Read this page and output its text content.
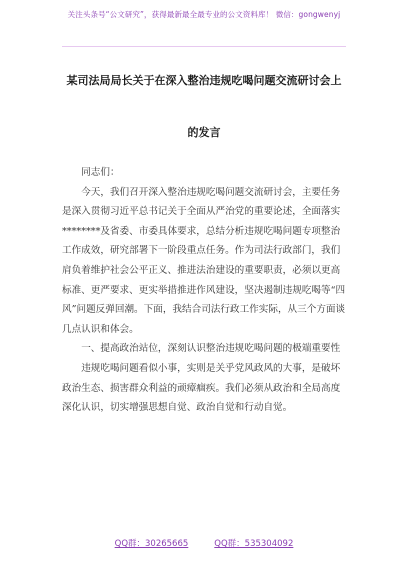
关注头条号“公文研究”，获得最新最全最专业的公文资料库！ 微信：gongwenyj
某司法局局长关于在深入整治违规吃喝问题交流研讨会上
的发言

同志们：

今天，我们召开深入整治违规吃喝问题交流研讨会，主要任务是深入贯彻习近平总书记关于全面从严治党的重要论述，全面落实********及省委、市委具体要求，总结分析违规吃喝问题专项整治工作成效，研究部署下一阶段重点任务。作为司法行政部门，我们肩负着维护社会公平正义、推进法治建设的重要职责，必须以更高标准、更严要求、更实举措推进作风建设，坚决遏制违规吃喝等“四风”问题反弹回潮。下面，我结合司法行政工作实际，从三个方面谈几点认识和体会。

一、提高政治站位，深刻认识整治违规吃喝问题的极端重要性

违规吃喝问题看似小事，实则是关乎党风政风的大事，是破坏政治生态、损害群众利益的顽瘴痼疾。我们必须从政治和全局高度深化认识，切实增强思想自觉、政治自觉和行动自觉。

QQ群：30265665	QQ群：535304092
